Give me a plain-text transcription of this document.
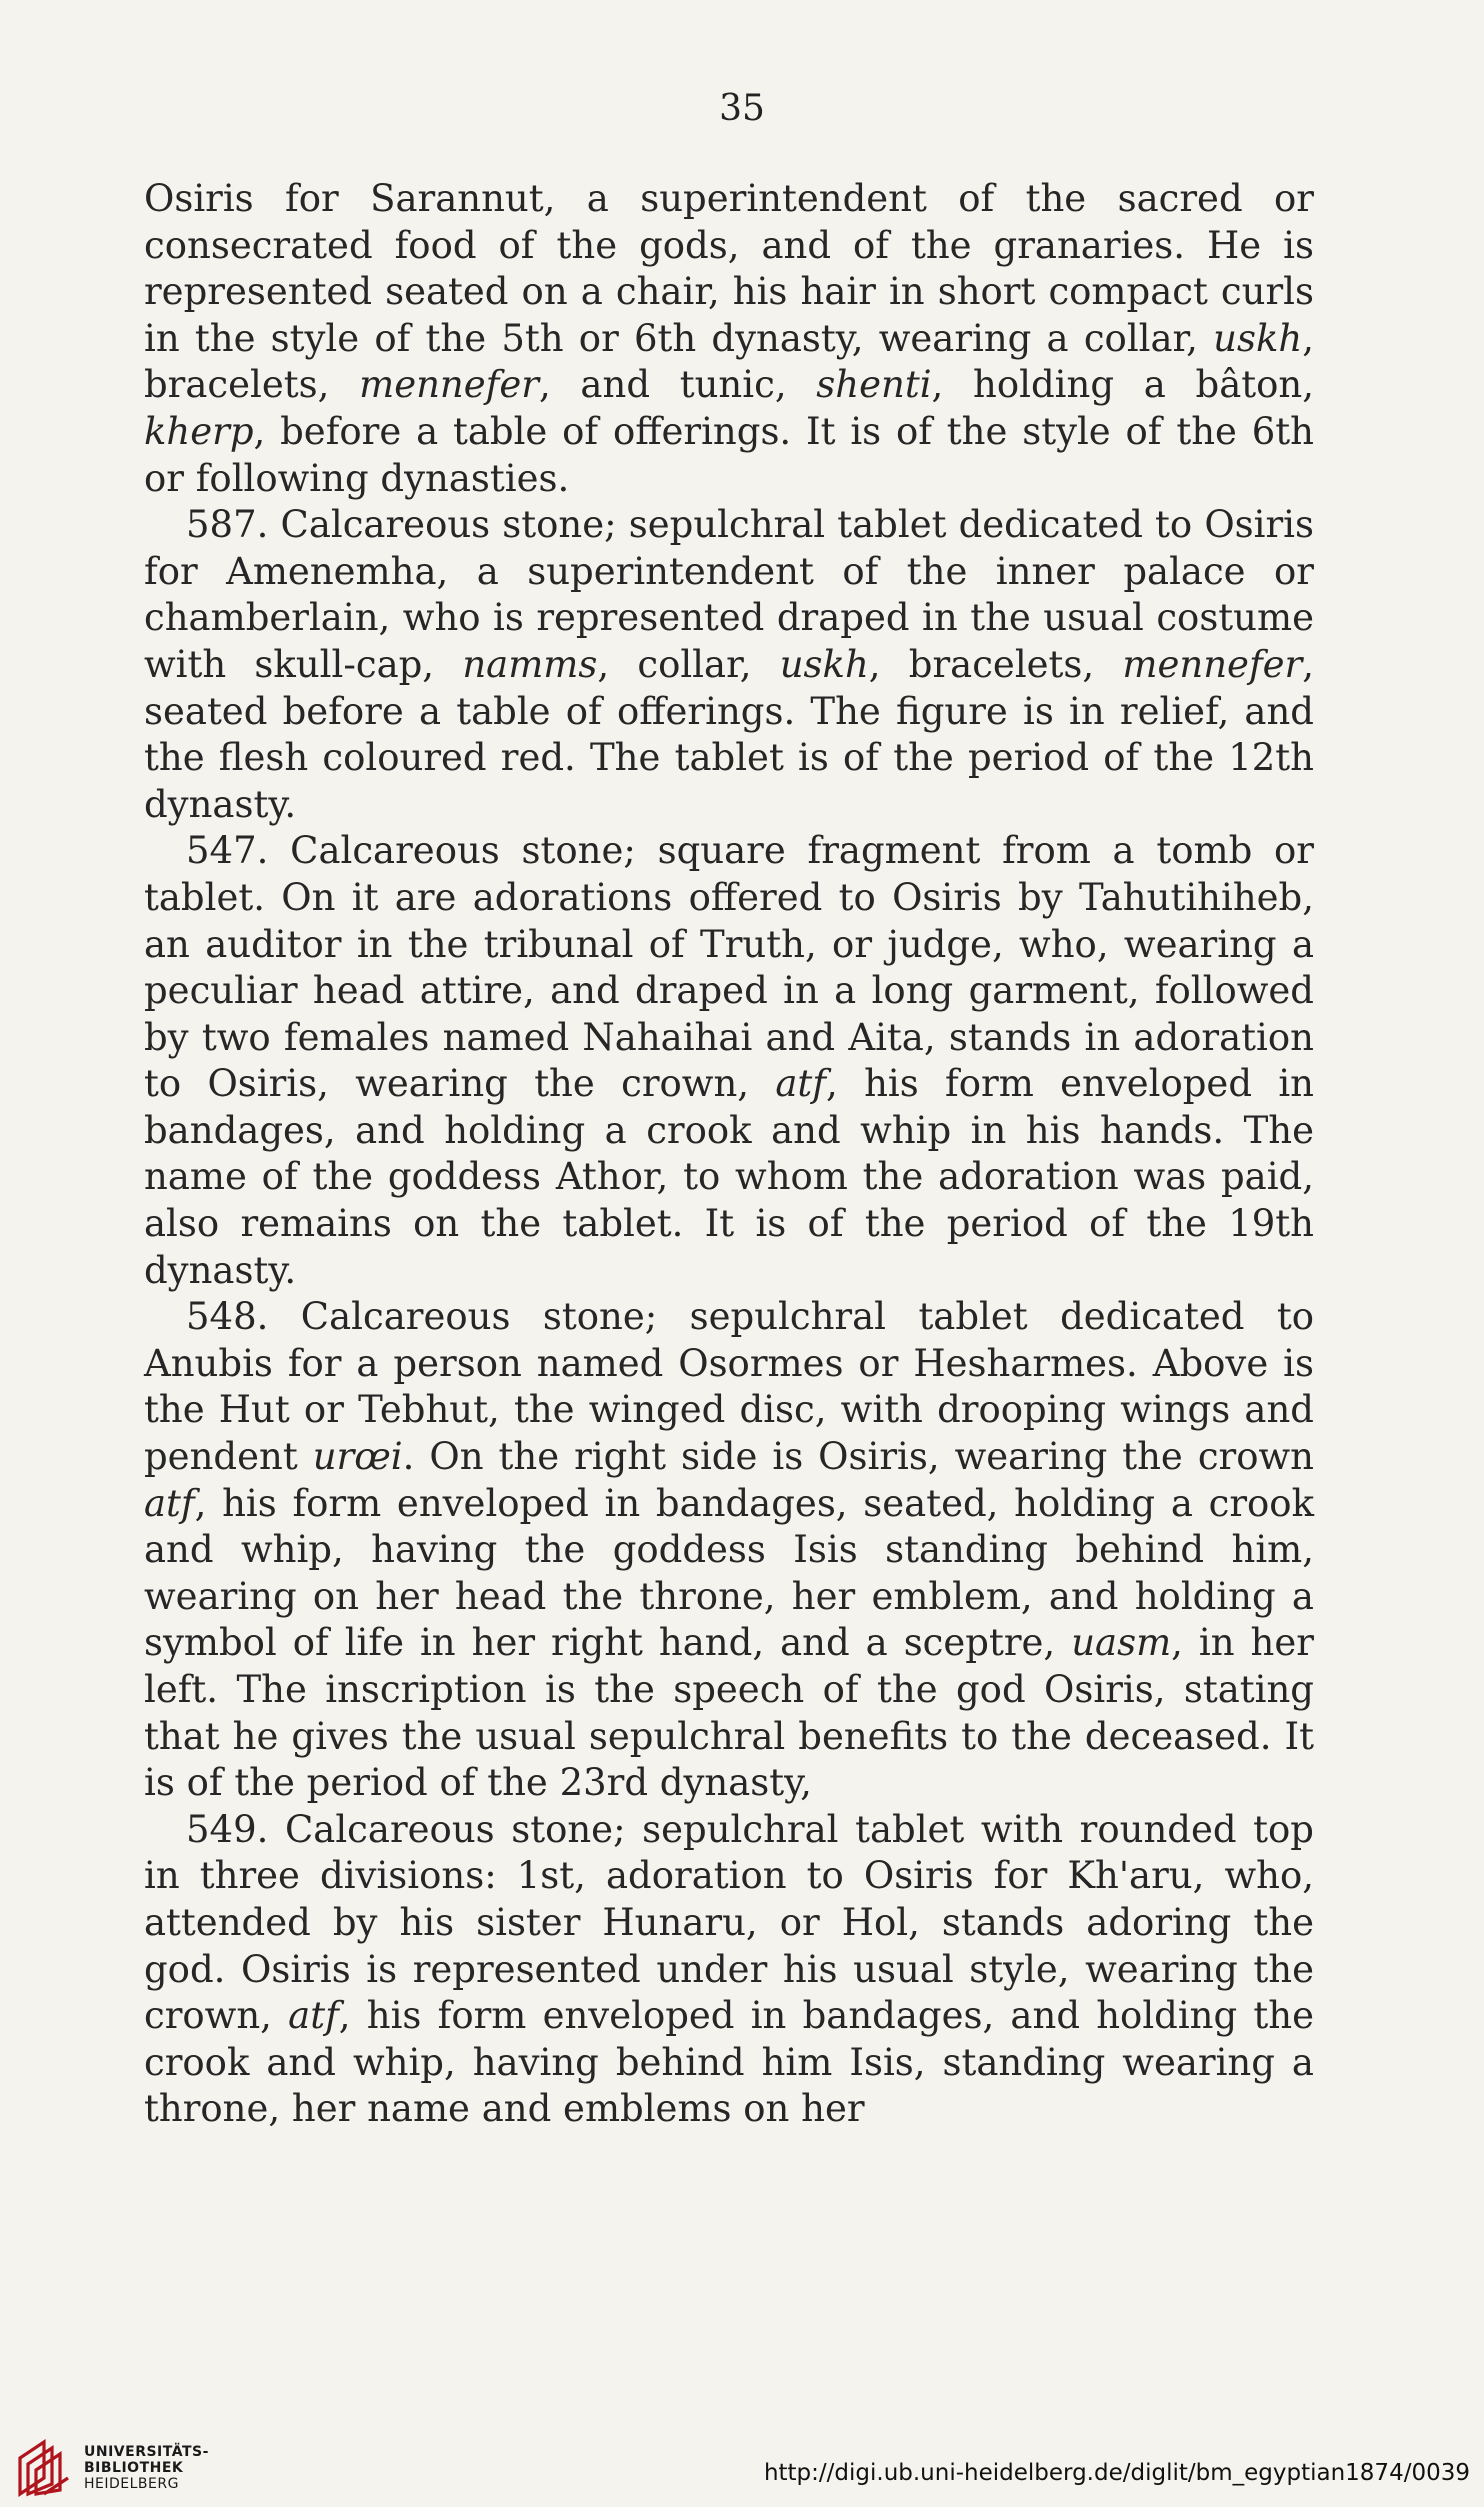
35

Osiris for Sarannut, a superintendent of the sacred or consecrated food of the gods, and of the granaries. He is represented seated on a chair, his hair in short compact curls in the style of the 5th or 6th dynasty, wearing a collar, uskh, bracelets, mennefer, and tunic, shenti, holding a bâton, kherp, before a table of offerings. It is of the style of the 6th or following dynasties.

587. Calcareous stone; sepulchral tablet dedicated to Osiris for Amenemha, a superintendent of the inner palace or chamberlain, who is represented draped in the usual costume with skull-cap, namms, collar, uskh, bracelets, mennefer, seated before a table of offerings. The figure is in relief, and the flesh coloured red. The tablet is of the period of the 12th dynasty.

547. Calcareous stone; square fragment from a tomb or tablet. On it are adorations offered to Osiris by Tahutihiheb, an auditor in the tribunal of Truth, or judge, who, wearing a peculiar head attire, and draped in a long garment, followed by two females named Nahaihai and Aita, stands in adoration to Osiris, wearing the crown, atf, his form enveloped in bandages, and holding a crook and whip in his hands. The name of the goddess Athor, to whom the adoration was paid, also remains on the tablet. It is of the period of the 19th dynasty.

548. Calcareous stone; sepulchral tablet dedicated to Anubis for a person named Osormes or Hesharmes. Above is the Hut or Tebhut, the winged disc, with drooping wings and pendent urœi. On the right side is Osiris, wearing the crown atf, his form enveloped in bandages, seated, holding a crook and whip, having the goddess Isis standing behind him, wearing on her head the throne, her emblem, and holding a symbol of life in her right hand, and a sceptre, uasm, in her left. The inscription is the speech of the god Osiris, stating that he gives the usual sepulchral benefits to the deceased. It is of the period of the 23rd dynasty,

549. Calcareous stone; sepulchral tablet with rounded top in three divisions: 1st, adoration to Osiris for Kh'aru, who, attended by his sister Hunaru, or Hol, stands adoring the god. Osiris is represented under his usual style, wearing the crown, atf, his form enveloped in bandages, and holding the crook and whip, having behind him Isis, standing wearing a throne, her name and emblems on her

UNIVERSITÄTS-
BIBLIOTHEK
HEIDELBERG	http://digi.ub.uni-heidelberg.de/diglit/bm_egyptian1874/0039
